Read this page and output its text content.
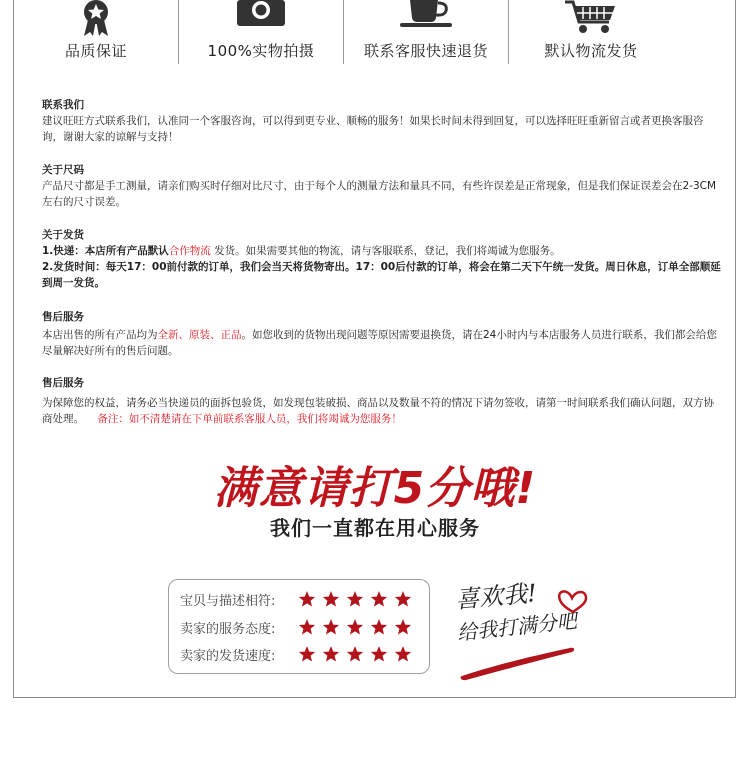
品质保证	100%实物拍摄	联系客服快速退货	默认物流发货
联系我们
建议旺旺方式联系我们，认准同一个客服咨询，可以得到更专业、顺畅的服务！如果长时间未得到回复，可以选择旺旺重新留言或者更换客服咨询，谢谢大家的谅解与支持！
关于尺码
产品尺寸都是手工测量，请亲们购买时仔细对比尺寸，由于每个人的测量方法和量具不同，有些许误差是正常现象，但是我们保证误差会在2-3CM左右的尺寸误差。
关于发货
1.快递：本店所有产品默认合作物流 发货。如果需要其他的物流，请与客服联系，登记，我们将竭诚为您服务。
2.发货时间：每天17：00前付款的订单，我们会当天将货物寄出。17：00后付款的订单，将会在第二天下午统一发货。周日休息，订单全部顺延到周一发货。
售后服务
本店出售的所有产品均为全新、原装、正品。如您收到的货物出现问题等原因需要退换货，请在24小时内与本店服务人员进行联系，我们都会给您尽量解决好所有的售后问题。
售后服务
为保障您的权益，请务必当快递员的面拆包验货，如发现包装破损、商品以及数量不符的情况下请勿签收，请第一时间联系我们确认问题，双方协商处理。 备注：如不清楚请在下单前联系客服人员，我们将竭诚为您服务！
满意请打5分哦!
我们一直都在用心服务
宝贝与描述相符:
卖家的服务态度:
卖家的发货速度:
喜欢我!
给我打满分吧
